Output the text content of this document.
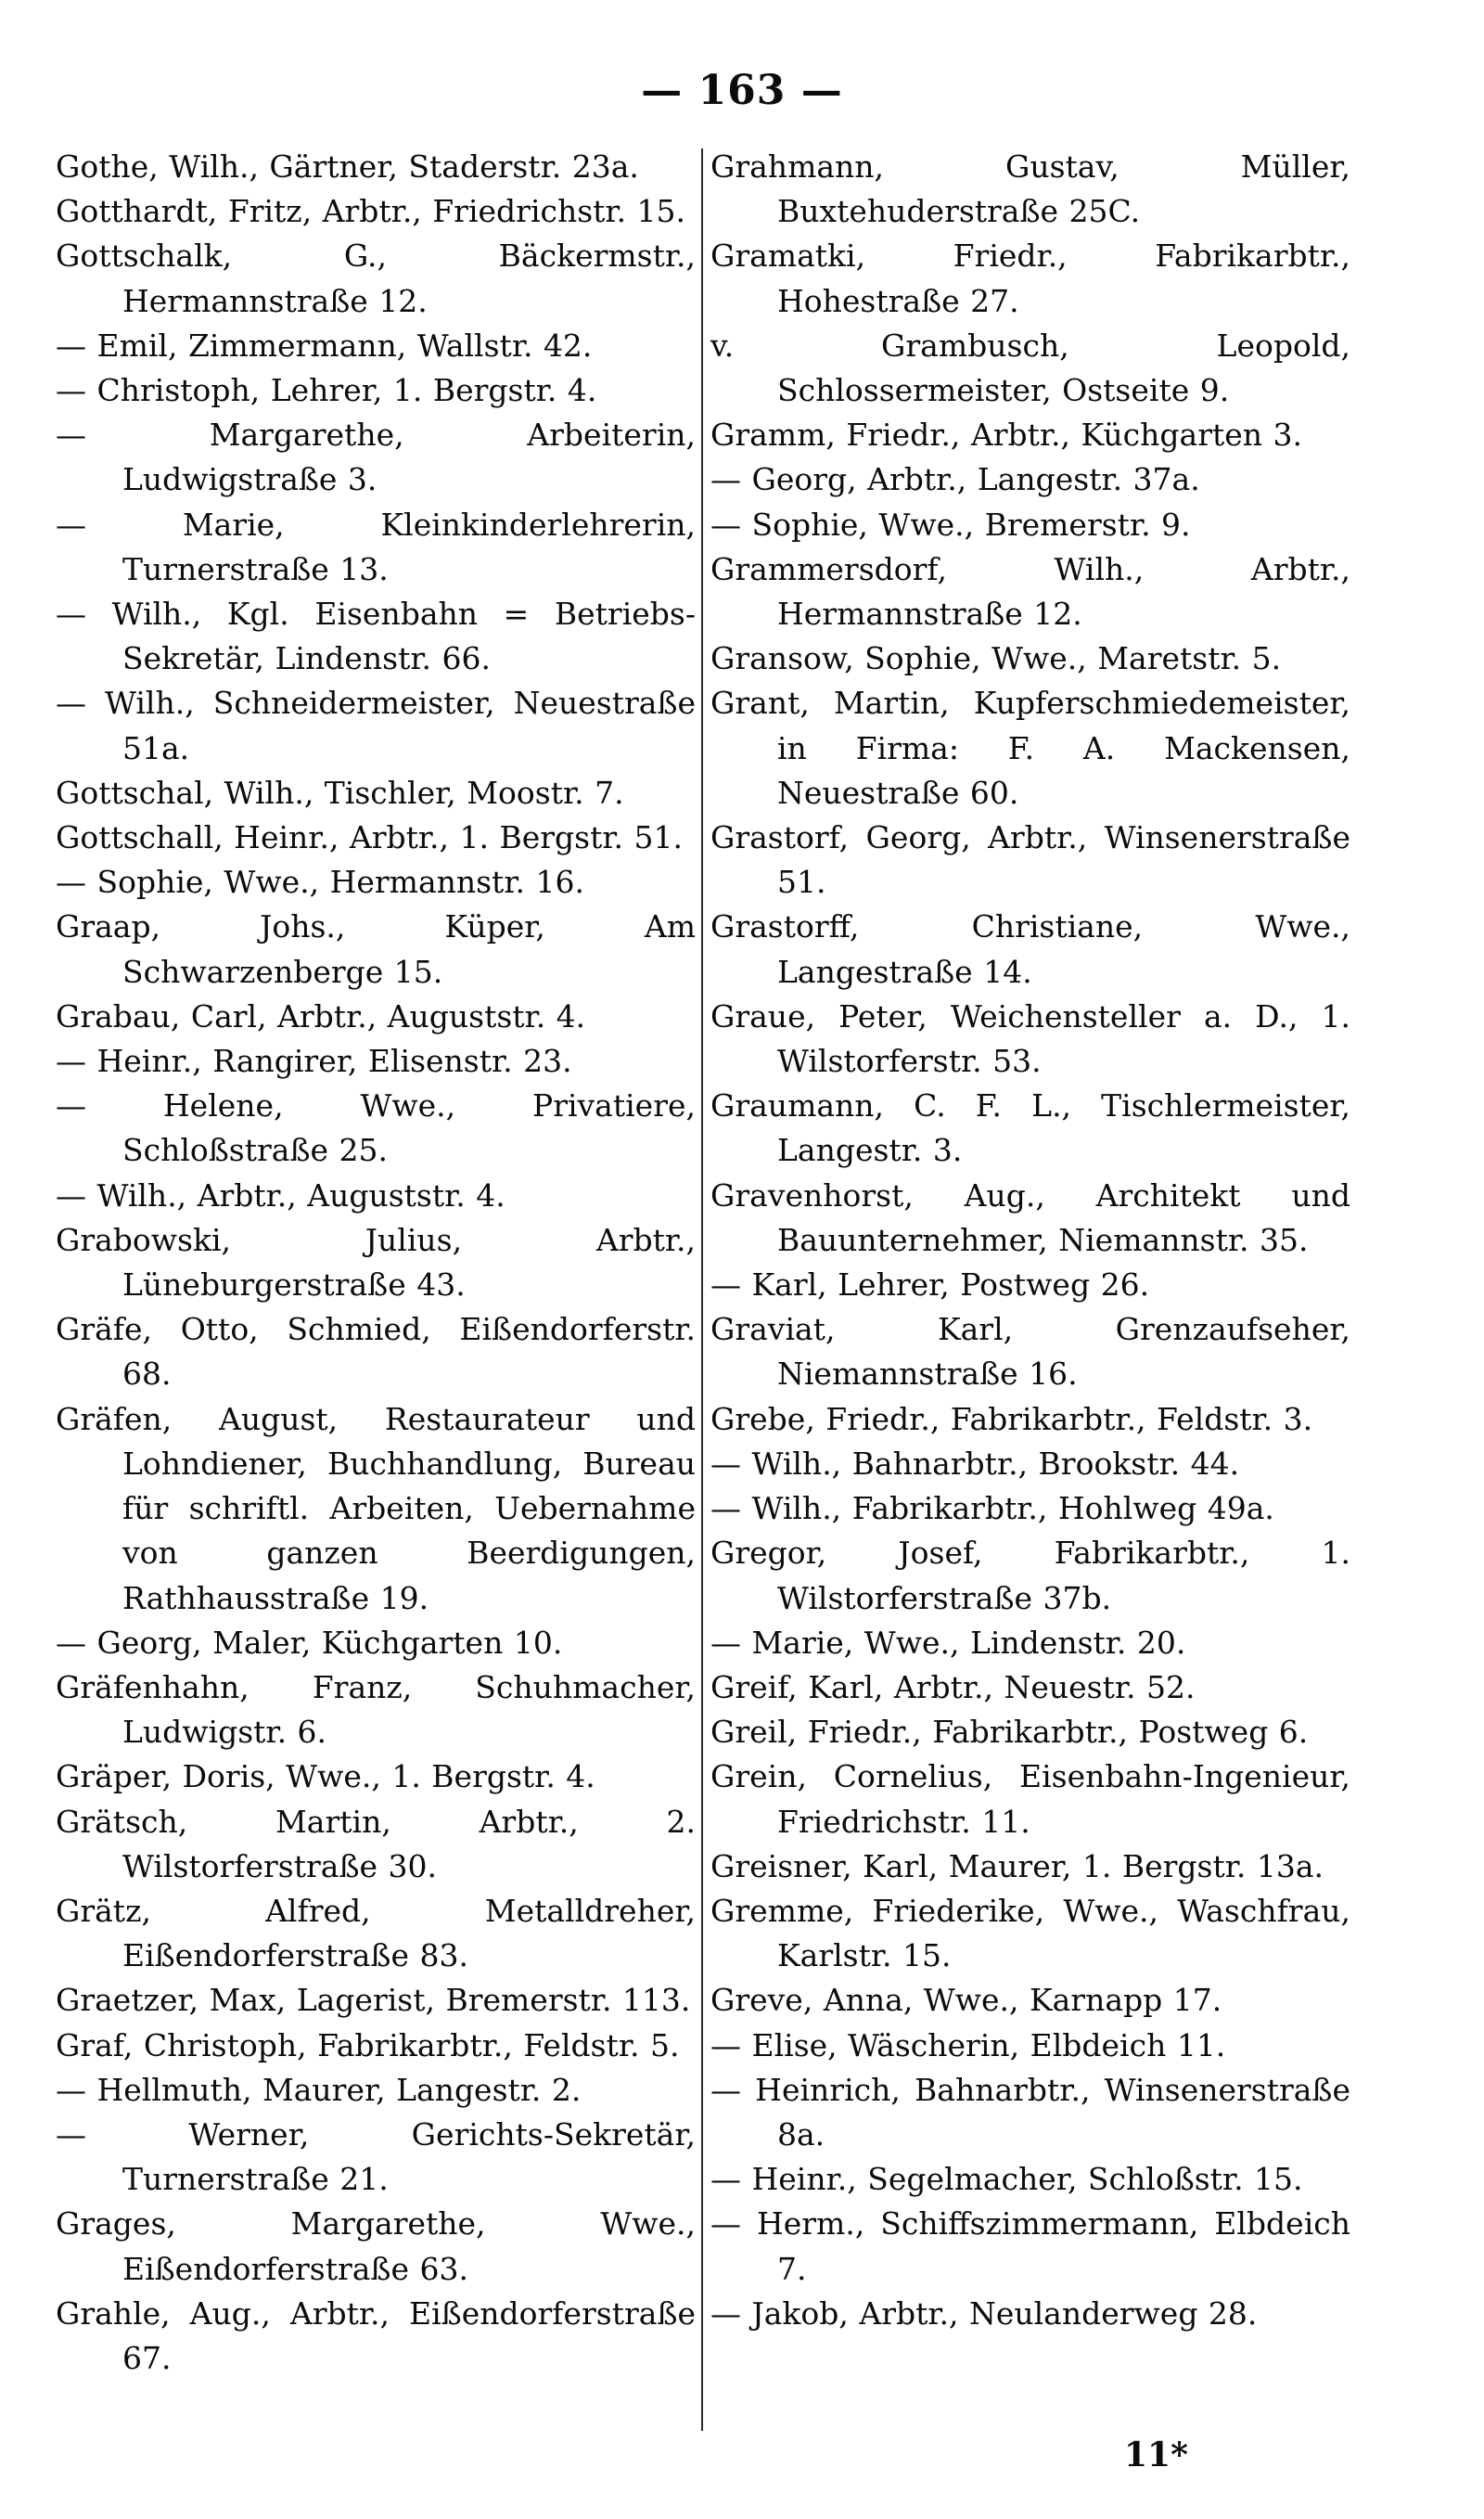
— 163 —
Gothe, Wilh., Gärtner, Staderstr. 23a.
Gotthardt, Fritz, Arbtr., Friedrichstr. 15.
Gottschalk, G., Bäckermstr., Hermannstraße 12.
— Emil, Zimmermann, Wallstr. 42.
— Christoph, Lehrer, 1. Bergstr. 4.
— Margarethe, Arbeiterin, Ludwigstraße 3.
— Marie, Kleinkinderlehrerin, Turnerstraße 13.
— Wilh., Kgl. Eisenbahn = Betriebs-Sekretär, Lindenstr. 66.
— Wilh., Schneidermeister, Neuestraße 51a.
Gottschal, Wilh., Tischler, Moostr. 7.
Gottschall, Heinr., Arbtr., 1. Bergstr. 51.
— Sophie, Wwe., Hermannstr. 16.
Graap, Johs., Küper, Am Schwarzenberge 15.
Grabau, Carl, Arbtr., Auguststr. 4.
— Heinr., Rangirer, Elisenstr. 23.
— Helene, Wwe., Privatiere, Schloßstraße 25.
— Wilh., Arbtr., Auguststr. 4.
Grabowski, Julius, Arbtr., Lüneburgerstraße 43.
Gräfe, Otto, Schmied, Eißendorferstr. 68.
Gräfen, August, Restaurateur und Lohndiener, Buchhandlung, Bureau für schriftl. Arbeiten, Uebernahme von ganzen Beerdigungen, Rathhausstraße 19.
— Georg, Maler, Küchgarten 10.
Gräfenhahn, Franz, Schuhmacher, Ludwigstr. 6.
Gräper, Doris, Wwe., 1. Bergstr. 4.
Grätsch, Martin, Arbtr., 2. Wilstorferstraße 30.
Grätz, Alfred, Metalldreher, Eißendorferstraße 83.
Graetzer, Max, Lagerist, Bremerstr. 113.
Graf, Christoph, Fabrikarbtr., Feldstr. 5.
— Hellmuth, Maurer, Langestr. 2.
— Werner, Gerichts-Sekretär, Turnerstraße 21.
Grages, Margarethe, Wwe., Eißendorferstraße 63.
Grahle, Aug., Arbtr., Eißendorferstraße 67.
Grahmann, Gustav, Müller, Buxtehuderstraße 25C.
Gramatki, Friedr., Fabrikarbtr., Hohestraße 27.
v. Grambusch, Leopold, Schlossermeister, Ostseite 9.
Gramm, Friedr., Arbtr., Küchgarten 3.
— Georg, Arbtr., Langestr. 37a.
— Sophie, Wwe., Bremerstr. 9.
Grammersdorf, Wilh., Arbtr., Hermannstraße 12.
Gransow, Sophie, Wwe., Maretstr. 5.
Grant, Martin, Kupferschmiedemeister, in Firma: F. A. Mackensen, Neuestraße 60.
Grastorf, Georg, Arbtr., Winsenerstraße 51.
Grastorff, Christiane, Wwe., Langestraße 14.
Graue, Peter, Weichensteller a. D., 1. Wilstorferstr. 53.
Graumann, C. F. L., Tischlermeister, Langestr. 3.
Gravenhorst, Aug., Architekt und Bauunternehmer, Niemannstr. 35.
— Karl, Lehrer, Postweg 26.
Graviat, Karl, Grenzaufseher, Niemannstraße 16.
Grebe, Friedr., Fabrikarbtr., Feldstr. 3.
— Wilh., Bahnarbtr., Brookstr. 44.
— Wilh., Fabrikarbtr., Hohlweg 49a.
Gregor, Josef, Fabrikarbtr., 1. Wilstorferstraße 37b.
— Marie, Wwe., Lindenstr. 20.
Greif, Karl, Arbtr., Neuestr. 52.
Greil, Friedr., Fabrikarbtr., Postweg 6.
Grein, Cornelius, Eisenbahn-Ingenieur, Friedrichstr. 11.
Greisner, Karl, Maurer, 1. Bergstr. 13a.
Gremme, Friederike, Wwe., Waschfrau, Karlstr. 15.
Greve, Anna, Wwe., Karnapp 17.
— Elise, Wäscherin, Elbdeich 11.
— Heinrich, Bahnarbtr., Winsenerstraße 8a.
— Heinr., Segelmacher, Schloßstr. 15.
— Herm., Schiffszimmermann, Elbdeich 7.
— Jakob, Arbtr., Neulanderweg 28.
11*
